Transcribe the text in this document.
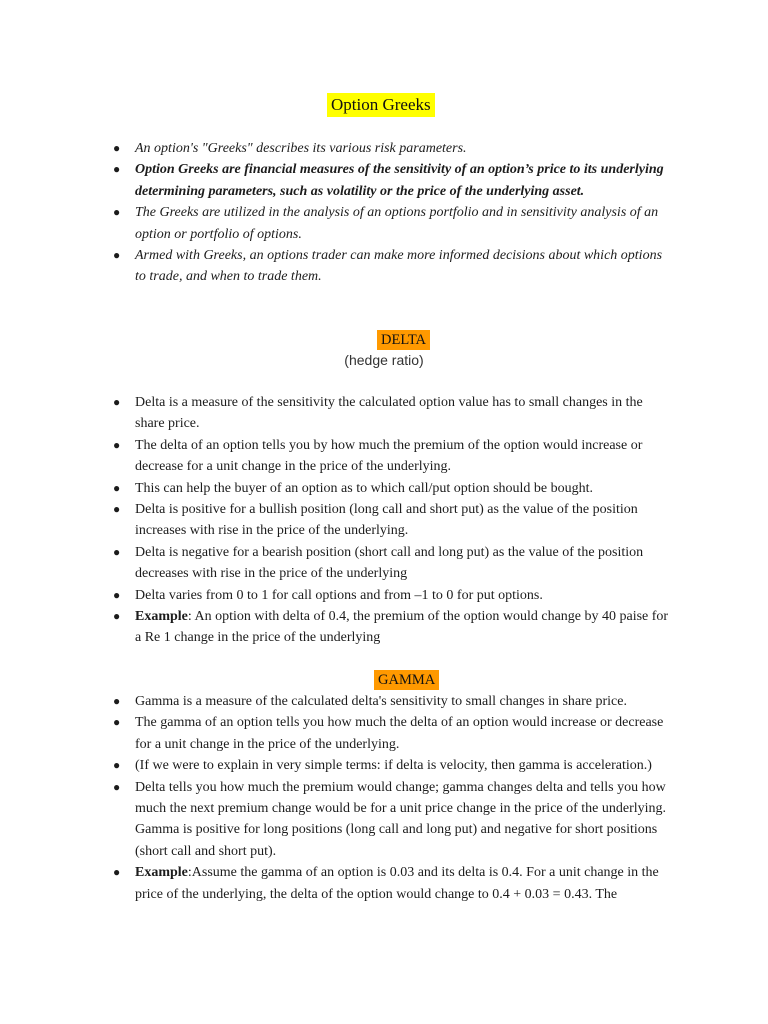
Option Greeks
● An option's "Greeks" describes its various risk parameters.
● Option Greeks are financial measures of the sensitivity of an option’s price to its underlying determining parameters, such as volatility or the price of the underlying asset.
● The Greeks are utilized in the analysis of an options portfolio and in sensitivity analysis of an option or portfolio of options.
● Armed with Greeks, an options trader can make more informed decisions about which options to trade, and when to trade them.
DELTA
(hedge ratio)
● Delta is a measure of the sensitivity the calculated option value has to small changes in the share price.
● The delta of an option tells you by how much the premium of the option would increase or decrease for a unit change in the price of the underlying.
● This can help the buyer of an option as to which call/put option should be bought.
● Delta is positive for a bullish position (long call and short put) as the value of the position increases with rise in the price of the underlying.
● Delta is negative for a bearish position (short call and long put) as the value of the position decreases with rise in the price of the underlying
● Delta varies from 0 to 1 for call options and from –1 to 0 for put options.
● Example: An option with delta of 0.4, the premium of the option would change by 40 paise for a Re 1 change in the price of the underlying
GAMMA
● Gamma is a measure of the calculated delta's sensitivity to small changes in share price.
● The gamma of an option tells you how much the delta of an option would increase or decrease for a unit change in the price of the underlying.
● (If we were to explain in very simple terms: if delta is velocity, then gamma is acceleration.)
● Delta tells you how much the premium would change; gamma changes delta and tells you how much the next premium change would be for a unit price change in the price of the underlying. Gamma is positive for long positions (long call and long put) and negative for short positions (short call and short put).
● Example:Assume the gamma of an option is 0.03 and its delta is 0.4. For a unit change in the price of the underlying, the delta of the option would change to 0.4 + 0.03 = 0.43. The
